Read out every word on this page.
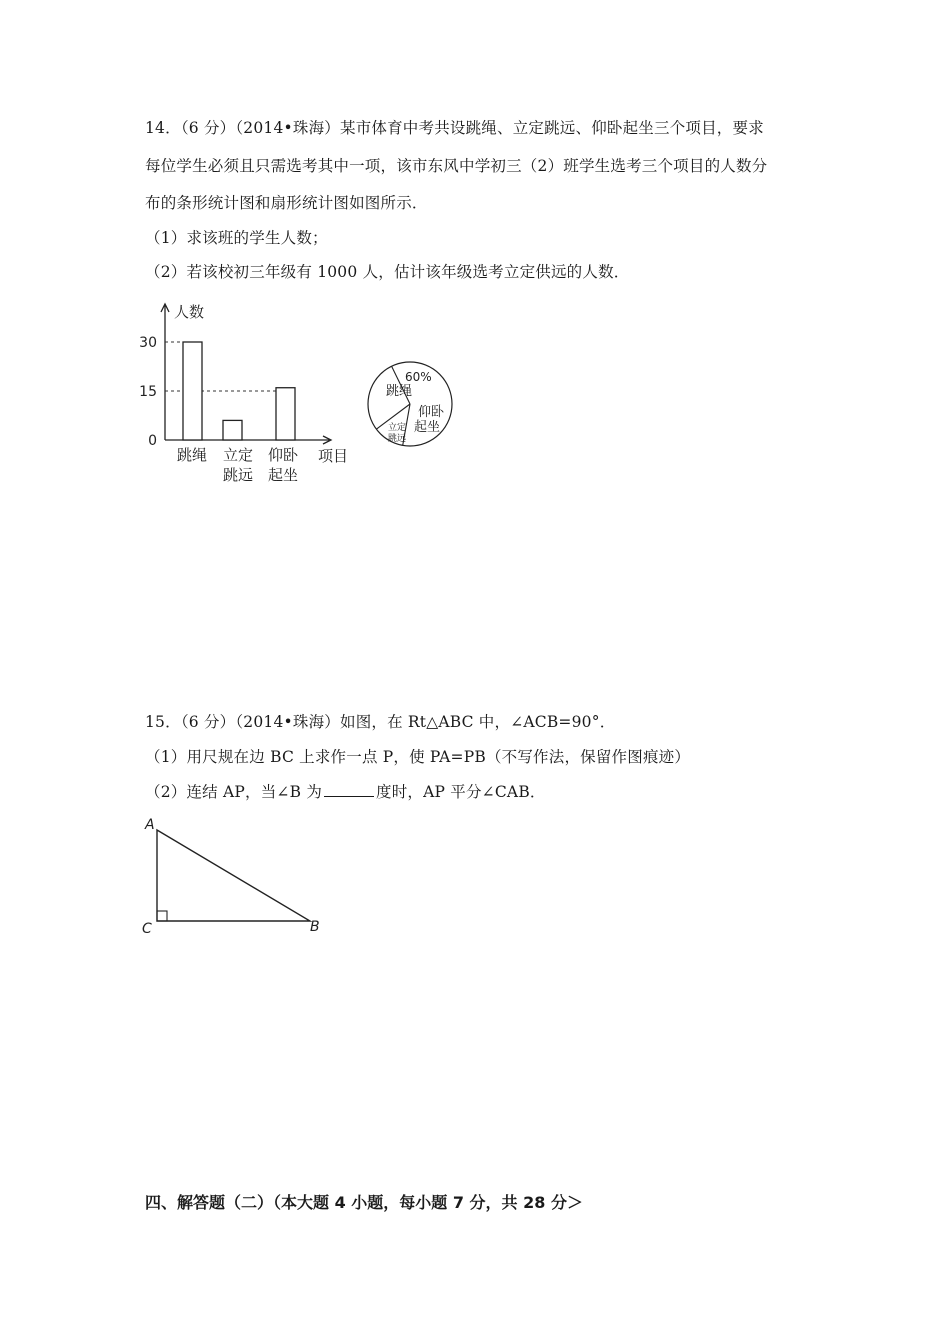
14．（6 分）（2014•珠海）某市体育中考共设跳绳、立定跳远、仰卧起坐三个项目，要求
每位学生必须且只需选考其中一项，该市东风中学初三（2）班学生选考三个项目的人数分
布的条形统计图和扇形统计图如图所示．
（1）求该班的学生人数；
（2）若该校初三年级有 1000 人，估计该年级选考立定供远的人数．
人数
项目
0
15
30
跳绳 立定
跳远
仰卧
起坐
跳绳
仰卧
起坐
立定
跳远
60%
15．（6 分）（2014•珠海）如图，在 Rt△ABC 中，∠ACB=90°．
（1）用尺规在边 BC 上求作一点 P，使 PA=PB（不写作法，保留作图痕迹）
（2）连结 AP，当∠B 为	度时，AP 平分∠CAB．
A
C	B
四、解答题（二）（本大题 4 小题，每小题 7 分，共 28 分＞
